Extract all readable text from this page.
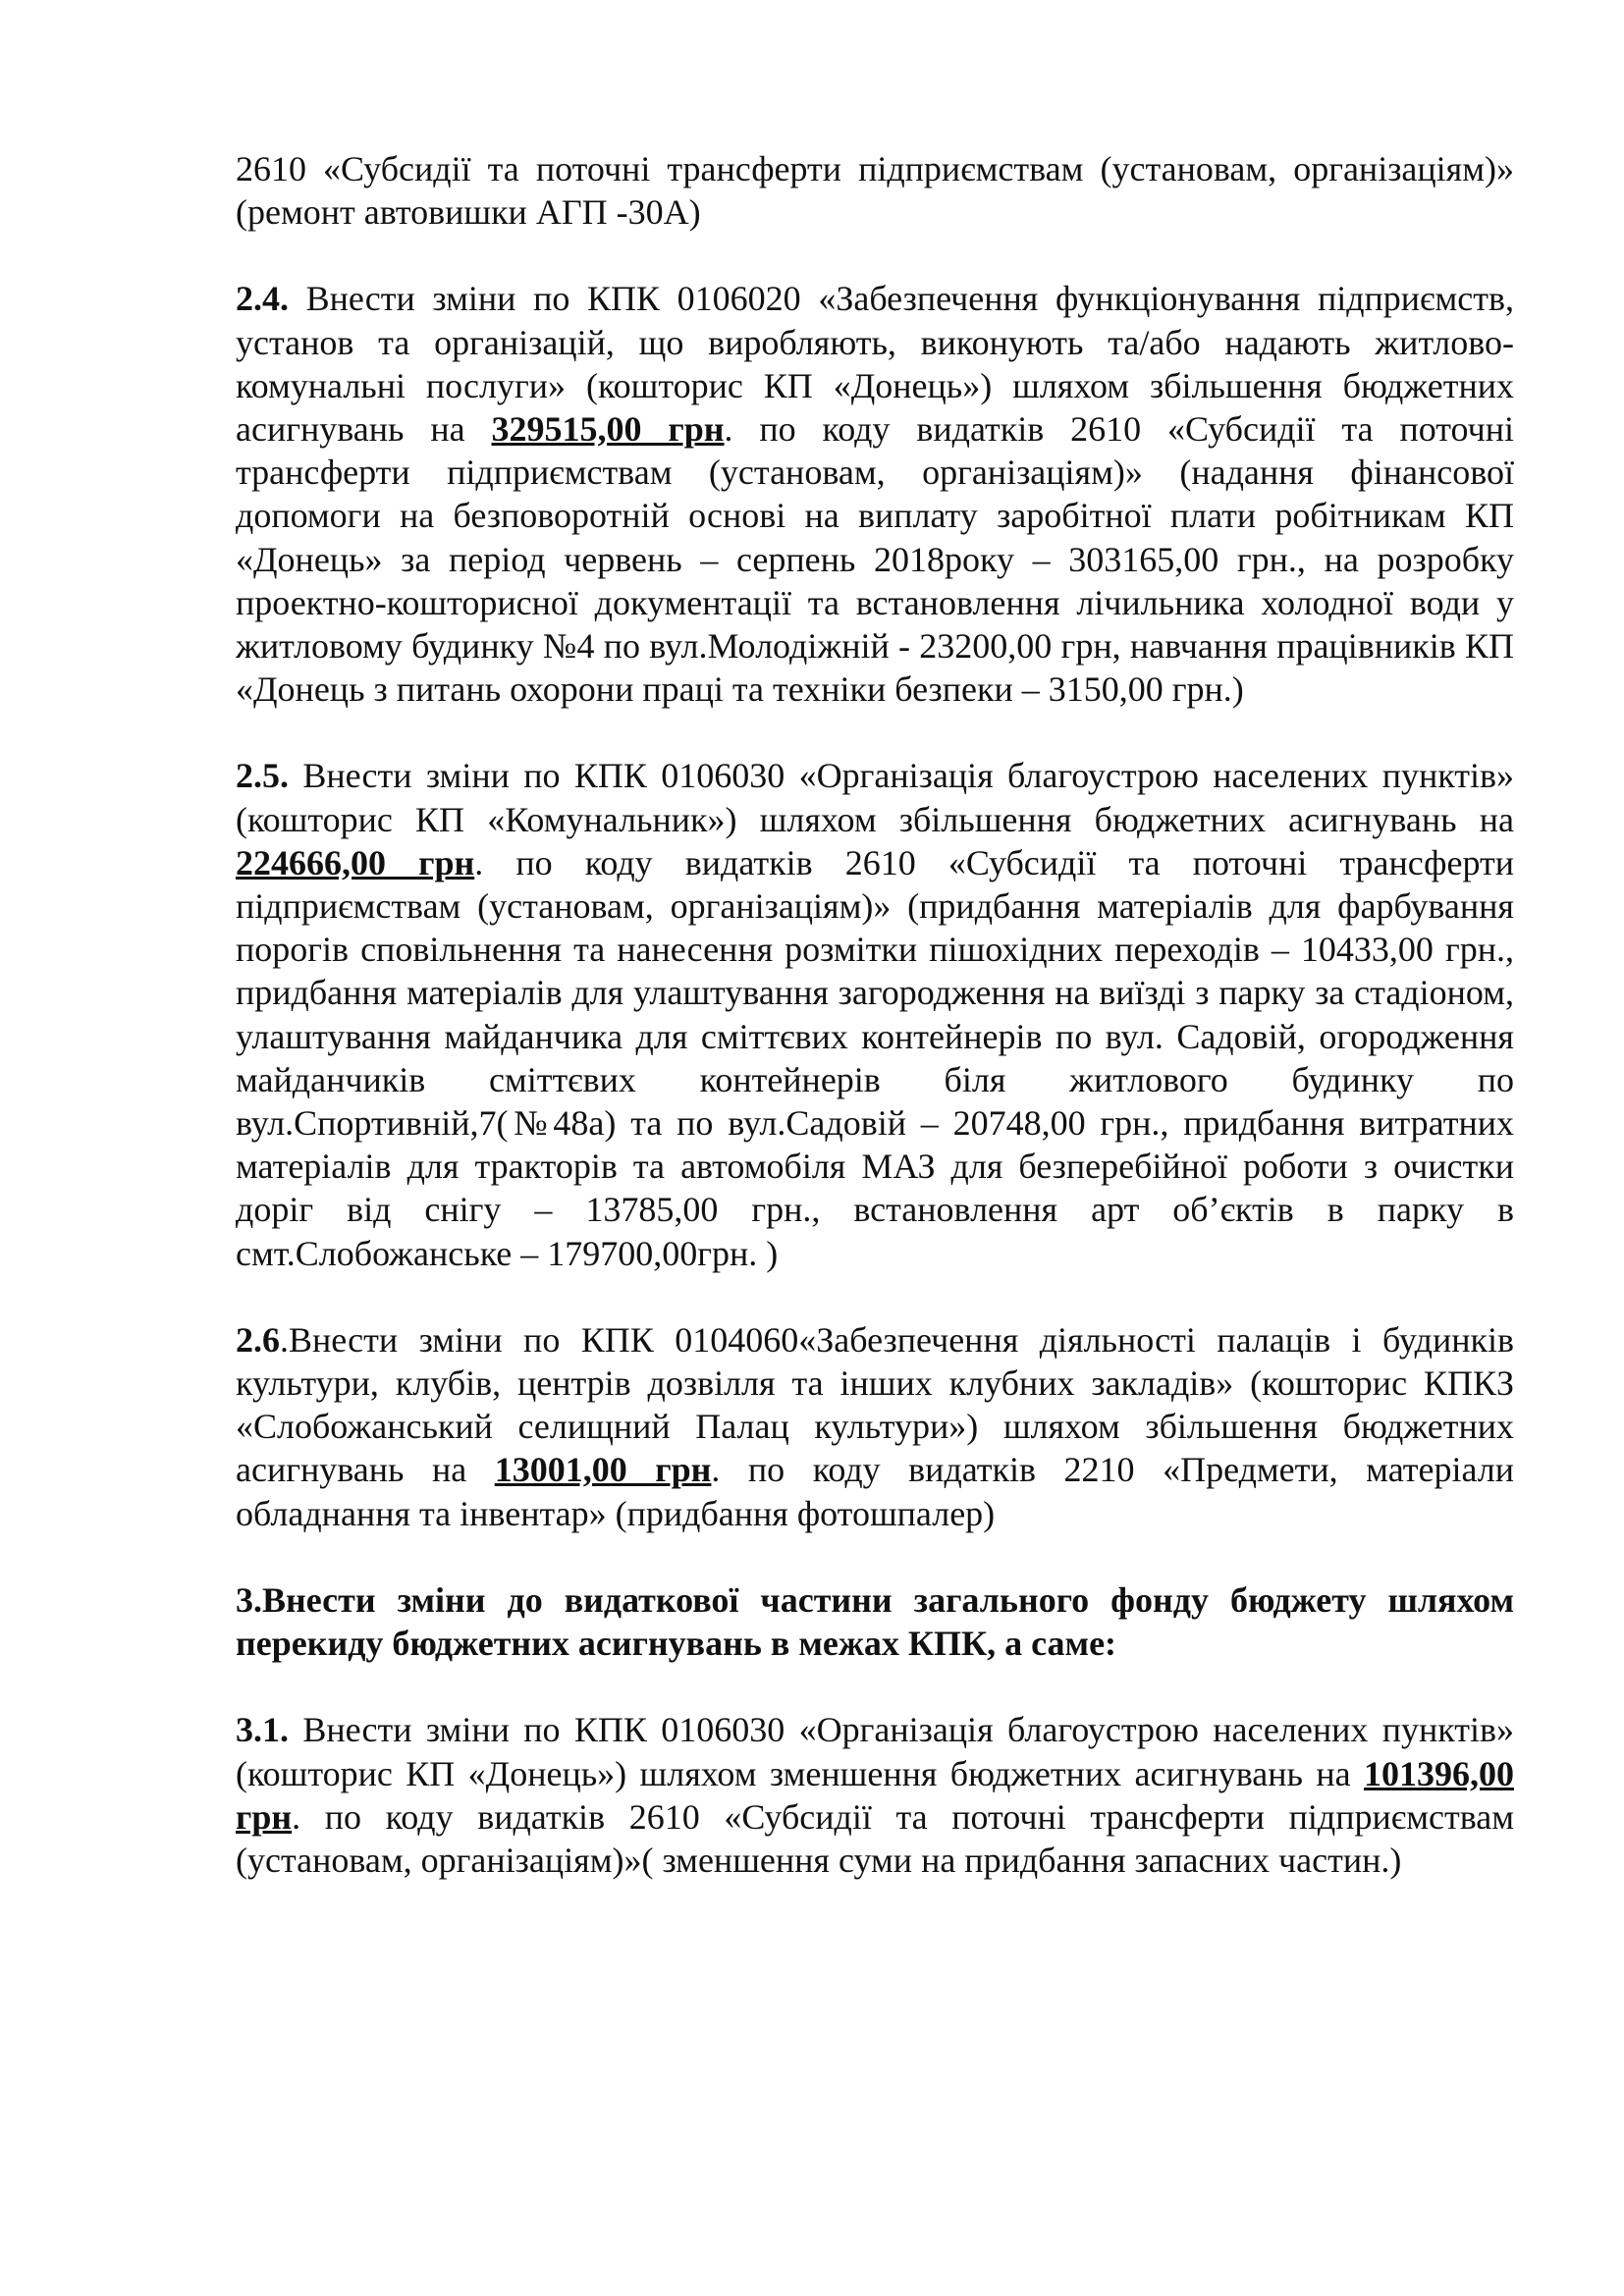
2610 «Субсидії та поточні трансферти підприємствам (установам, організаціям)» (ремонт автовишки АГП -30А)

2.4. Внести зміни по КПК 0106020 «Забезпечення функціонування підприємств, установ та організацій, що виробляють, виконують та/або надають житлово-комунальні послуги» (кошторис КП «Донець») шляхом збільшення бюджетних асигнувань на 329515,00 грн. по коду видатків 2610 «Субсидії та поточні трансферти підприємствам (установам, організаціям)» (надання фінансової допомоги на безповоротній основі на виплату заробітної плати робітникам КП «Донець» за період червень – серпень 2018року – 303165,00 грн., на розробку проектно-кошторисної документації та встановлення лічильника холодної води у житловому будинку №4 по вул.Молодіжній - 23200,00 грн, навчання працівників КП «Донець з питань охорони праці та техніки безпеки – 3150,00 грн.)

2.5. Внести зміни по КПК 0106030 «Організація благоустрою населених пунктів» (кошторис КП «Комунальник») шляхом збільшення бюджетних асигнувань на 224666,00 грн. по коду видатків 2610 «Субсидії та поточні трансферти підприємствам (установам, організаціям)» (придбання матеріалів для фарбування порогів сповільнення та нанесення розмітки пішохідних переходів – 10433,00 грн., придбання матеріалів для улаштування загородження на виїзді з парку за стадіоном, улаштування майданчика для сміттєвих контейнерів по вул. Садовій, огородження майданчиків сміттєвих контейнерів біля житлового будинку по вул.Спортивній,7(№48а) та по вул.Садовій – 20748,00 грн., придбання витратних матеріалів для тракторів та автомобіля МАЗ для безперебійної роботи з очистки доріг від снігу – 13785,00 грн., встановлення арт об’єктів в парку в смт.Слобожанське – 179700,00грн. )

2.6.Внести зміни по КПК 0104060«Забезпечення діяльності палаців і будинків культури, клубів, центрів дозвілля та інших клубних закладів» (кошторис КПКЗ «Слобожанський селищний Палац культури») шляхом збільшення бюджетних асигнувань на 13001,00 грн. по коду видатків 2210 «Предмети, матеріали обладнання та інвентар» (придбання фотошпалер)

3.Внести зміни до видаткової частини загального фонду бюджету шляхом перекиду бюджетних асигнувань в межах КПК, а саме:

3.1. Внести зміни по КПК 0106030 «Організація благоустрою населених пунктів» (кошторис КП «Донець») шляхом зменшення бюджетних асигнувань на 101396,00 грн. по коду видатків 2610 «Субсидії та поточні трансферти підприємствам (установам, організаціям)»( зменшення суми на придбання запасних частин.)
